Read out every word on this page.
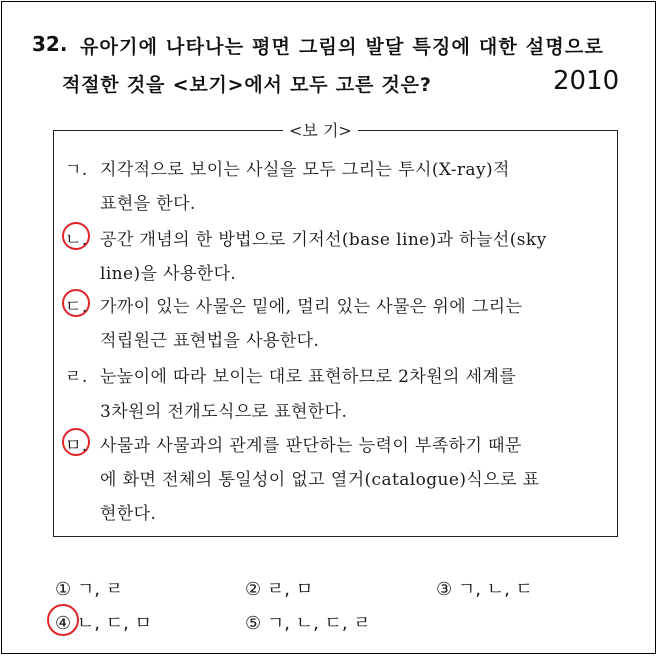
32. 유아기에 나타나는 평면 그림의 발달 특징에 대한 설명으로
적절한 것을 <보기>에서 모두 고른 것은?	2010
<보 기>
ㄱ. 지각적으로 보이는 사실을 모두 그리는 투시(X-ray)적
표현을 한다.
ㄴ. 공간 개념의 한 방법으로 기저선(base line)과 하늘선(sky
line)을 사용한다.
ㄷ. 가까이 있는 사물은 밑에, 멀리 있는 사물은 위에 그리는
적립원근 표현법을 사용한다.
ㄹ. 눈높이에 따라 보이는 대로 표현하므로 2차원의 세계를
3차원의 전개도식으로 표현한다.
ㅁ. 사물과 사물과의 관계를 판단하는 능력이 부족하기 때문
에 화면 전체의 통일성이 없고 열거(catalogue)식으로 표
현한다.
① ㄱ, ㄹ	② ㄹ, ㅁ	③ ㄱ, ㄴ, ㄷ
④ ㄴ, ㄷ, ㅁ	⑤ ㄱ, ㄴ, ㄷ, ㄹ
